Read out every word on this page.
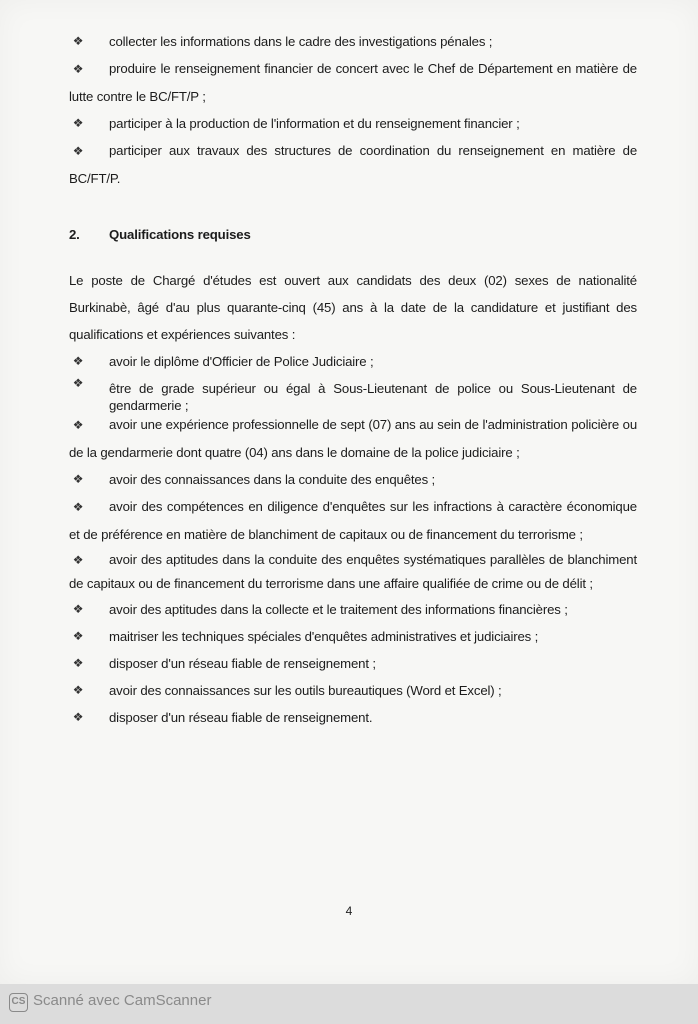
❖ collecter les informations dans le cadre des investigations pénales ;

❖ produire le renseignement financier de concert avec le Chef de Département en matière de lutte contre le BC/FT/P ;

❖ participer à la production de l'information et du renseignement financier ;

❖ participer aux travaux des structures de coordination du renseignement en matière de BC/FT/P.

2. Qualifications requises

Le poste de Chargé d'études est ouvert aux candidats des deux (02) sexes de nationalité Burkinabè, âgé d'au plus quarante-cinq (45) ans à la date de la candidature et justifiant des qualifications et expériences suivantes :

❖ avoir le diplôme d'Officier de Police Judiciaire ;

❖ être de grade supérieur ou égal à Sous-Lieutenant de police ou Sous-Lieutenant de gendarmerie ;

❖ avoir une expérience professionnelle de sept (07) ans au sein de l'administration policière ou de la gendarmerie dont quatre (04) ans dans le domaine de la police judiciaire ;

❖ avoir des connaissances dans la conduite des enquêtes ;

❖ avoir des compétences en diligence d'enquêtes sur les infractions à caractère économique et de préférence en matière de blanchiment de capitaux ou de financement du terrorisme ;

❖ avoir des aptitudes dans la conduite des enquêtes systématiques parallèles de blanchiment de capitaux ou de financement du terrorisme dans une affaire qualifiée de crime ou de délit ;

❖ avoir des aptitudes dans la collecte et le traitement des informations financières ;

❖ maitriser les techniques spéciales d'enquêtes administratives et judiciaires ;

❖ disposer d'un réseau fiable de renseignement ;

❖ avoir des connaissances sur les outils bureautiques (Word et Excel) ;

❖ disposer d'un réseau fiable de renseignement.

4
CS Scanné avec CamScanner
